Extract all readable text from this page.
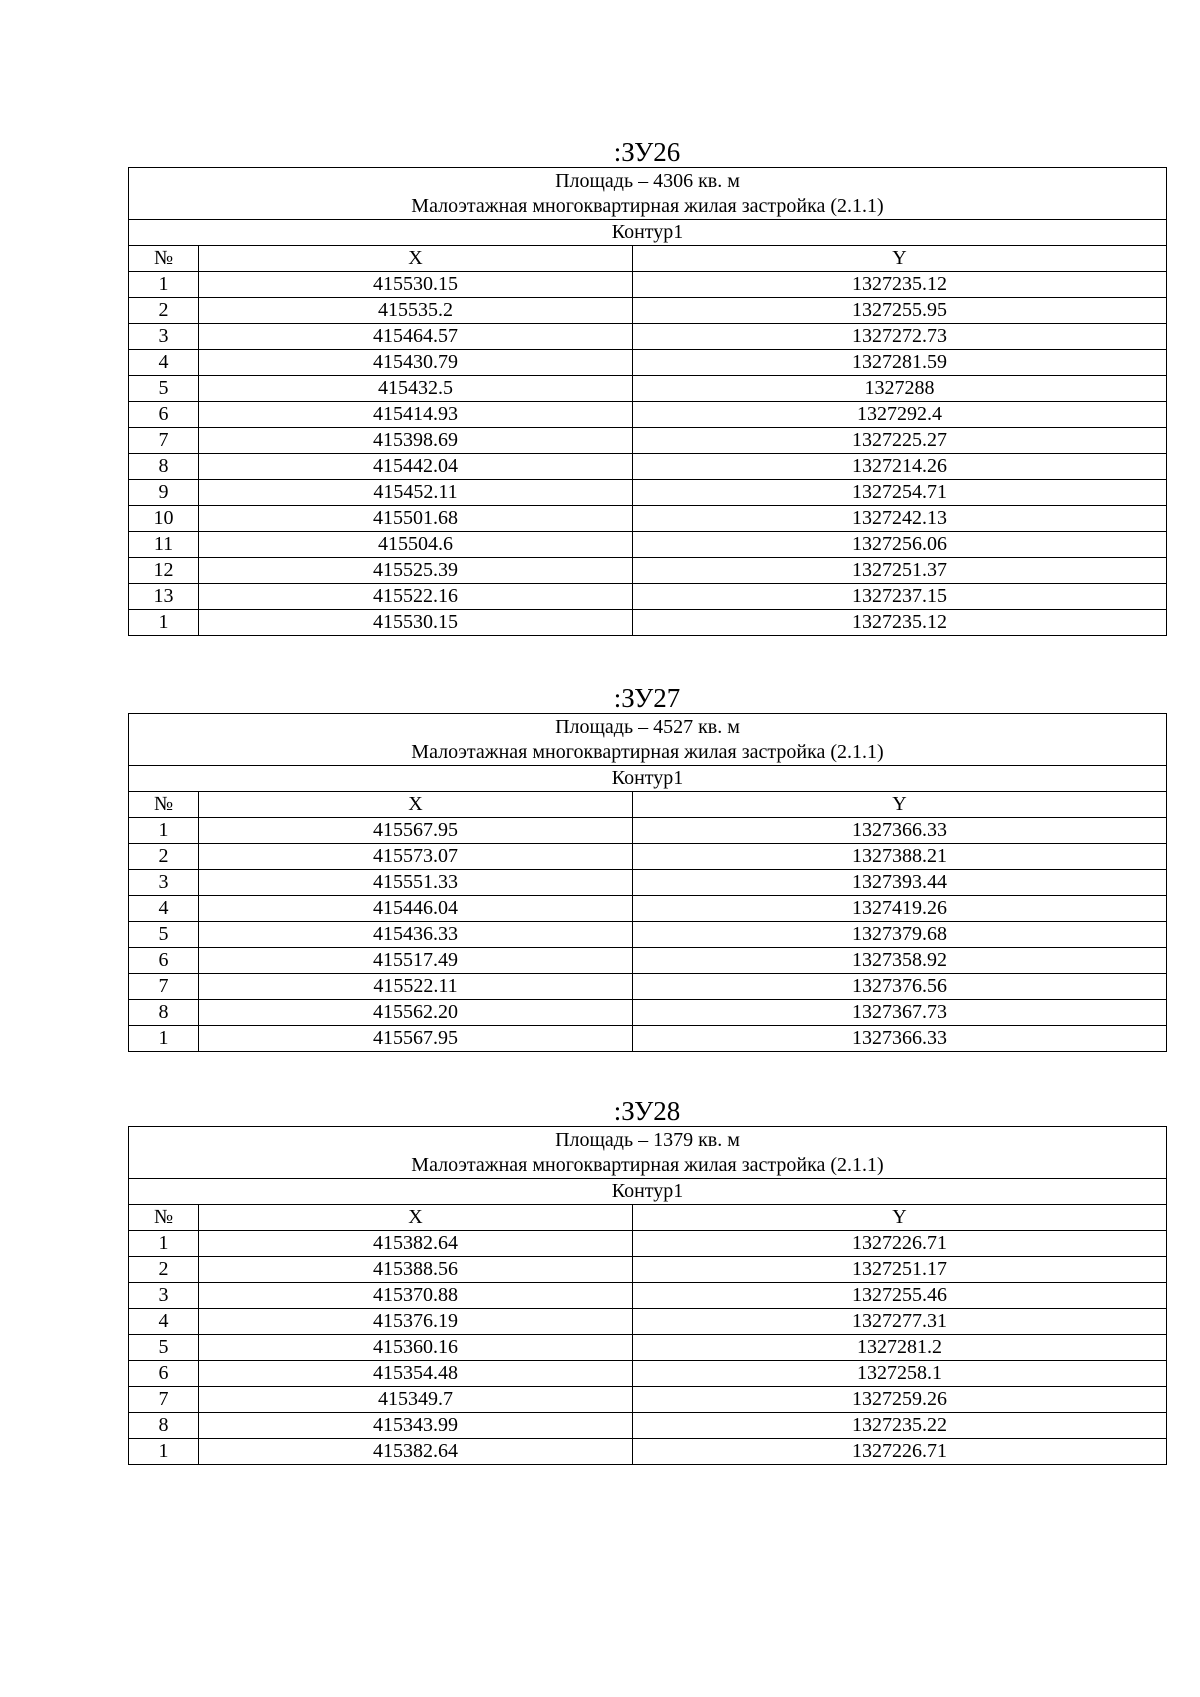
:ЗУ26
Площадь – 4306 кв. м
Малоэтажная многоквартирная жилая застройка (2.1.1)		

Контур1		
№	X	Y
1	415530.15	1327235.12
2	415535.2	1327255.95
3	415464.57	1327272.73
4	415430.79	1327281.59
5	415432.5	1327288
6	415414.93	1327292.4
7	415398.69	1327225.27
8	415442.04	1327214.26
9	415452.11	1327254.71
10	415501.68	1327242.13
11	415504.6	1327256.06
12	415525.39	1327251.37
13	415522.16	1327237.15
1	415530.15	1327235.12
:ЗУ27
Площадь – 4527 кв. м
Малоэтажная многоквартирная жилая застройка (2.1.1)		

Контур1		
№	X	Y
1	415567.95	1327366.33
2	415573.07	1327388.21
3	415551.33	1327393.44
4	415446.04	1327419.26
5	415436.33	1327379.68
6	415517.49	1327358.92
7	415522.11	1327376.56
8	415562.20	1327367.73
1	415567.95	1327366.33
:ЗУ28
Площадь – 1379 кв. м
Малоэтажная многоквартирная жилая застройка (2.1.1)		

Контур1		
№	X	Y
1	415382.64	1327226.71
2	415388.56	1327251.17
3	415370.88	1327255.46
4	415376.19	1327277.31
5	415360.16	1327281.2
6	415354.48	1327258.1
7	415349.7	1327259.26
8	415343.99	1327235.22
1	415382.64	1327226.71
